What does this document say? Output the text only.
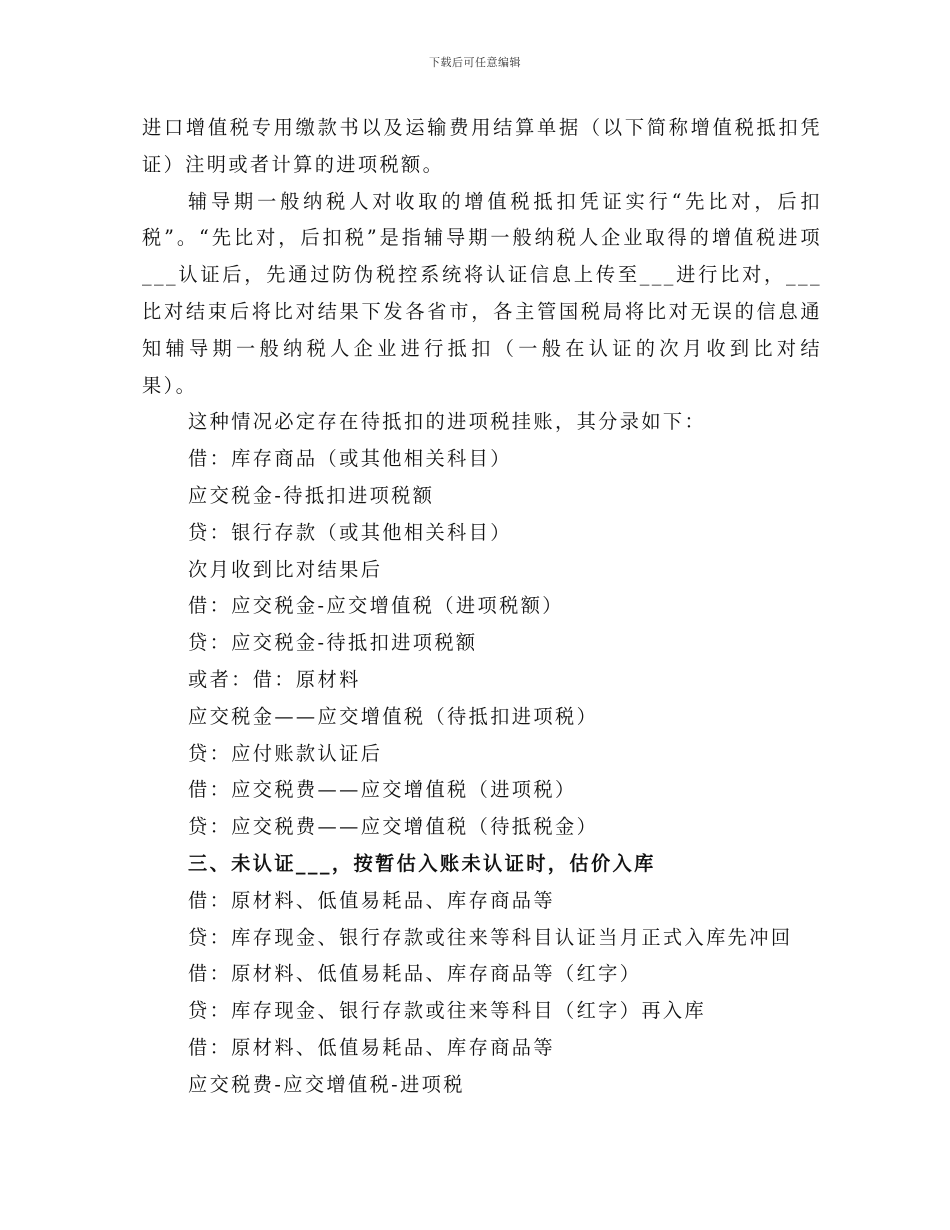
下载后可任意编辑

进口增值税专用缴款书以及运输费用结算单据（以下简称增值税抵扣凭证）注明或者计算的进项税额。

辅导期一般纳税人对收取的增值税抵扣凭证实行“先比对，后扣税”。“先比对，后扣税”是指辅导期一般纳税人企业取得的增值税进项___认证后，先通过防伪税控系统将认证信息上传至___进行比对，___比对结束后将比对结果下发各省市，各主管国税局将比对无误的信息通知辅导期一般纳税人企业进行抵扣（一般在认证的次月收到比对结果）。

这种情况必定存在待抵扣的进项税挂账，其分录如下：

借：库存商品（或其他相关科目）

应交税金-待抵扣进项税额

贷：银行存款（或其他相关科目）

次月收到比对结果后

借：应交税金-应交增值税（进项税额）

贷：应交税金-待抵扣进项税额

或者：借：原材料

应交税金——应交增值税（待抵扣进项税）

贷：应付账款认证后

借：应交税费——应交增值税（进项税）

贷：应交税费——应交增值税（待抵税金）

三、未认证___，按暂估入账未认证时，估价入库

借：原材料、低值易耗品、库存商品等

贷：库存现金、银行存款或往来等科目认证当月正式入库先冲回

借：原材料、低值易耗品、库存商品等（红字）

贷：库存现金、银行存款或往来等科目（红字）再入库

借：原材料、低值易耗品、库存商品等

应交税费-应交增值税-进项税
